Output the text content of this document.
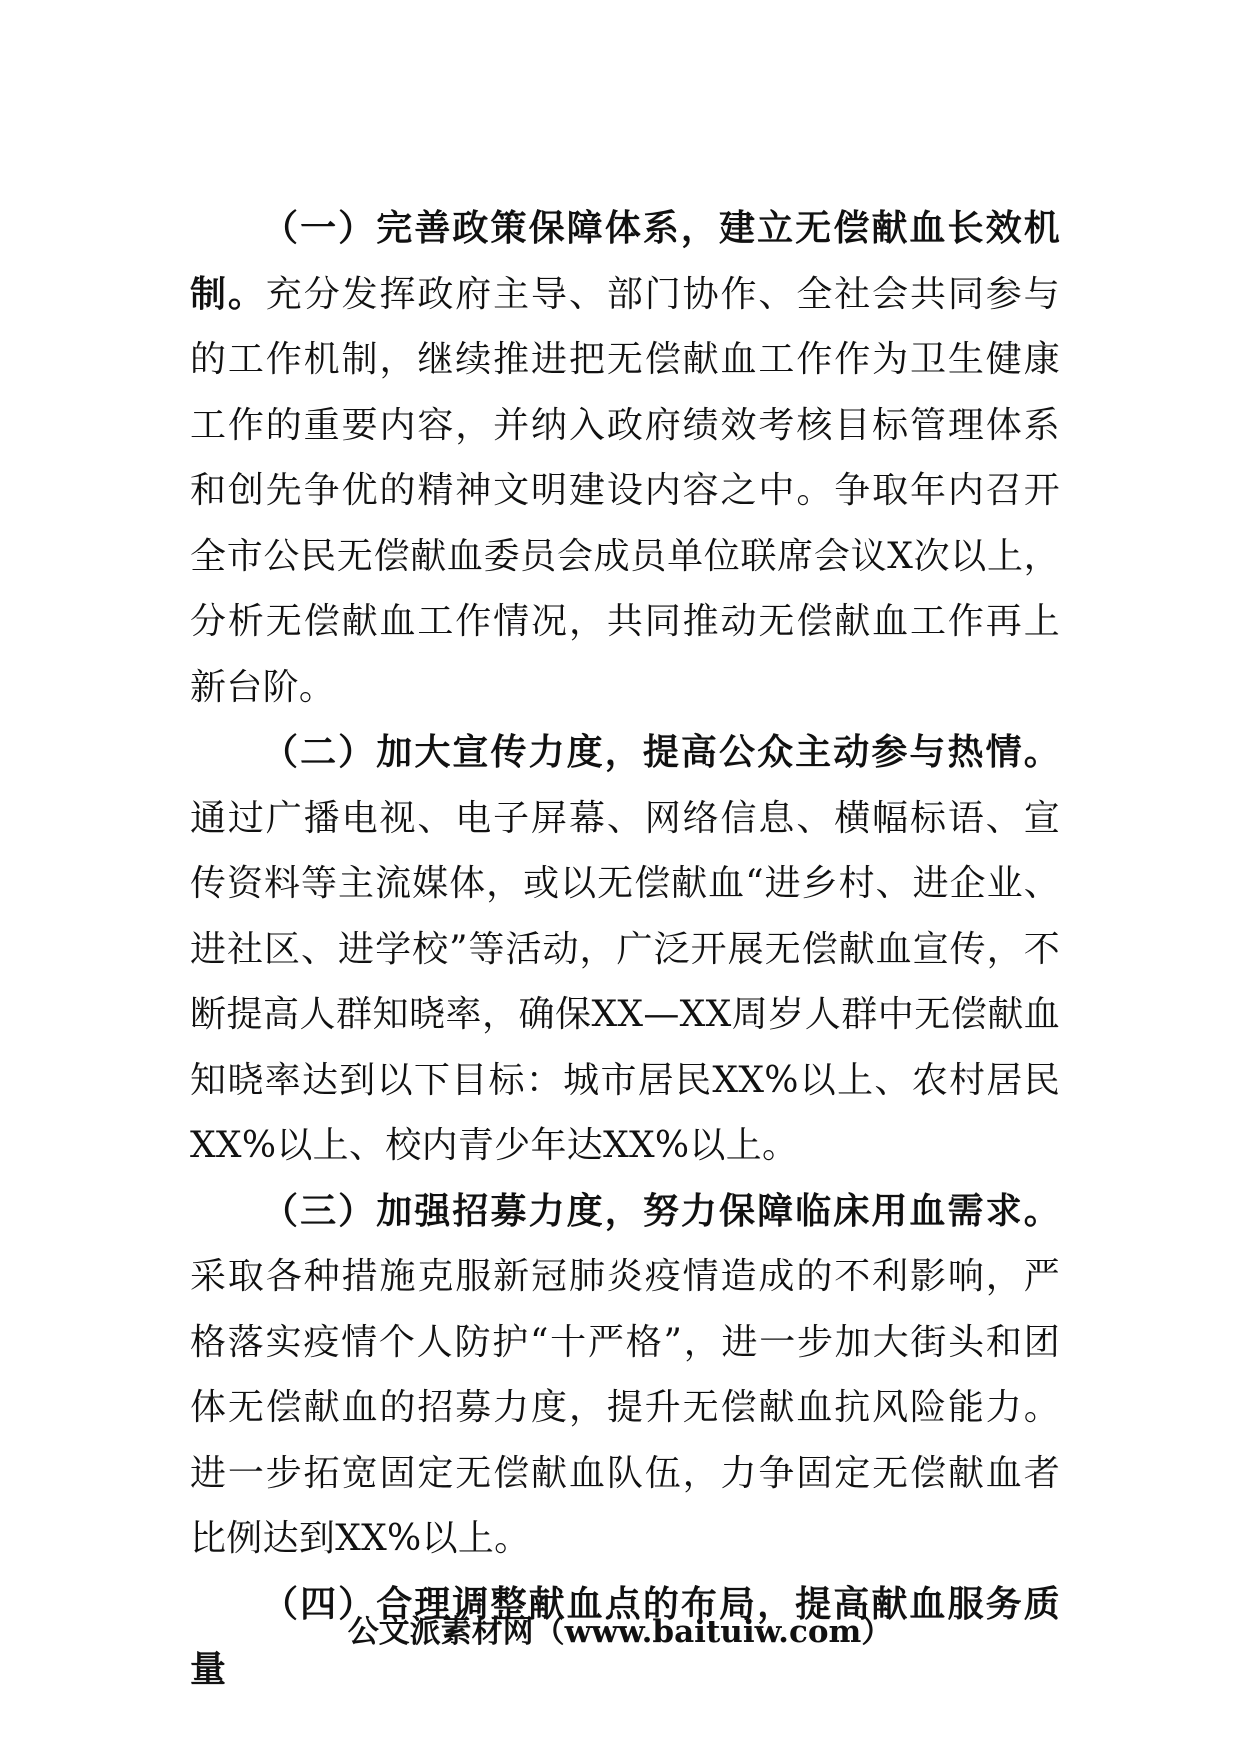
（一）完善政策保障体系，建立无偿献血长效机制。充分发挥政府主导、部门协作、全社会共同参与的工作机制，继续推进把无偿献血工作作为卫生健康工作的重要内容，并纳入政府绩效考核目标管理体系和创先争优的精神文明建设内容之中。争取年内召开全市公民无偿献血委员会成员单位联席会议X次以上，分析无偿献血工作情况，共同推动无偿献血工作再上新台阶。

（二）加大宣传力度，提高公众主动参与热情。通过广播电视、电子屏幕、网络信息、横幅标语、宣传资料等主流媒体，或以无偿献血“进乡村、进企业、进社区、进学校”等活动，广泛开展无偿献血宣传，不断提高人群知晓率，确保XX—XX周岁人群中无偿献血知晓率达到以下目标：城市居民XX%以上、农村居民XX%以上、校内青少年达XX%以上。

（三）加强招募力度，努力保障临床用血需求。采取各种措施克服新冠肺炎疫情造成的不利影响，严格落实疫情个人防护“十严格”，进一步加大街头和团体无偿献血的招募力度，提升无偿献血抗风险能力。进一步拓宽固定无偿献血队伍，力争固定无偿献血者比例达到XX%以上。

（四）合理调整献血点的布局，提高献血服务质量

公文派素材网（www.baituiw.com）
